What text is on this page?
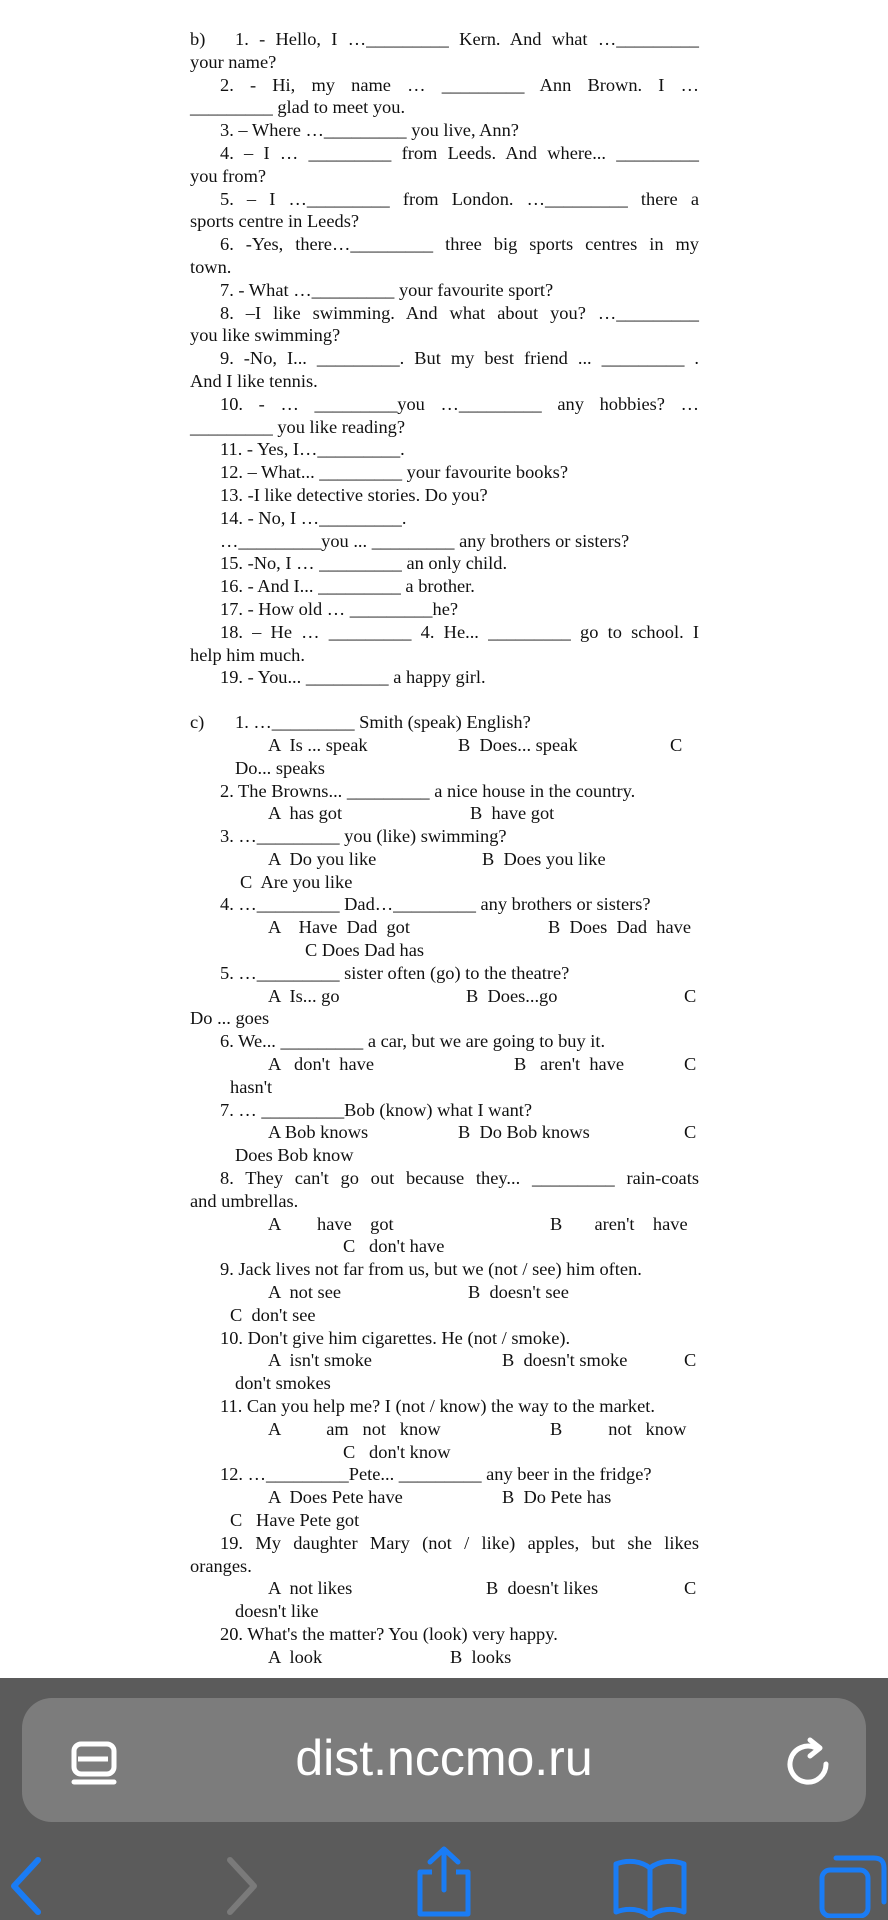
b)	1. - Hello, I …_________ Kern. And what …_________
your name?
2. - Hi, my name … _________ Ann Brown. I …
_________ glad to meet you.
3. – Where …_________ you live, Ann?
4. – I … _________ from Leeds. And where... _________
you from?
5. – I …_________ from London. …_________ there a
sports centre in Leeds?
6. -Yes, there…_________ three big sports centres in my
town.
7. - What …_________ your favourite sport?
8. –I like swimming. And what about you? …_________
you like swimming?
9. -No, I... _________. But my best friend ... _________ .
And I like tennis.
10. - … _________you …_________ any hobbies? …
_________ you like reading?
11. - Yes, I…_________.
12. – What... _________ your favourite books?
13. -I like detective stories. Do you?
14. - No, I …_________.
…_________you ... _________ any brothers or sisters?
15. -No, I … _________ an only child.
16. - And I... _________ a brother.
17. - How old … _________he?
18. – He … _________ 4. He... _________ go to school. I
help him much.
19. - You... _________ a happy girl.
c)	1. …_________ Smith (speak) English?
A  Is ... speak	B  Does... speak	C
Do... speaks
2. The Browns... _________ a nice house in the country.
A  has got	B  have got
3. …_________ you (like) swimming?
A  Do you like	B  Does you like
C  Are you like
4. …_________ Dad…_________ any brothers or sisters?
A    Have  Dad  got	B  Does  Dad  have
C Does Dad has
5. …_________ sister often (go) to the theatre?
A  Is... go	B  Does...go	C
Do ... goes
6. We... _________ a car, but we are going to buy it.
A   don't  have	B   aren't  have	C
hasn't
7. … _________Bob (know) what I want?
A Bob knows	B  Do Bob knows	C
Does Bob know
8. They can't go out because they... _________ rain-coats
and umbrellas.
A        have    got	B       aren't    have
C   don't have
9. Jack lives not far from us, but we (not / see) him often.
A  not see	B  doesn't see
C  don't see
10. Don't give him cigarettes. He (not / smoke).
A  isn't smoke	B  doesn't smoke	C
don't smokes
11. Can you help me? I (not / know) the way to the market.
A          am   not   know	B          not   know
C   don't know
12. …_________Pete... _________ any beer in the fridge?
A  Does Pete have	B  Do Pete has
C   Have Pete got
19. My daughter Mary (not / like) apples, but she likes
oranges.
A  not likes	B  doesn't likes	C
doesn't like
20. What's the matter? You (look) very happy.
A  look	B  looks
dist.nccmo.ru
